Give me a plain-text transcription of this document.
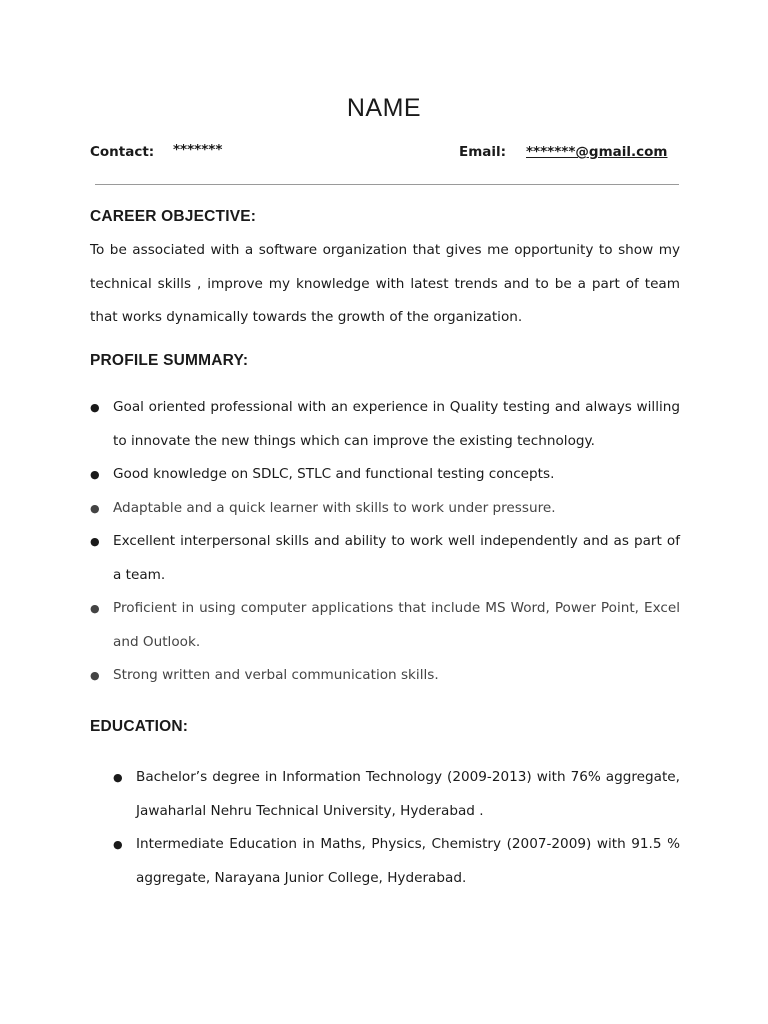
NAME
Contact: *******	Email: *******@gmail.com
CAREER OBJECTIVE:
To be associated with a software organization that gives me opportunity to show my technical skills , improve my knowledge with latest trends and to be a part of team that works dynamically towards the growth of the organization.
PROFILE SUMMARY:
● Goal oriented professional with an experience in Quality testing and always willing to innovate the new things which can improve the existing technology.
● Good knowledge on SDLC, STLC and functional testing concepts.
● Adaptable and a quick learner with skills to work under pressure.
● Excellent interpersonal skills and ability to work well independently and as part of a team.
● Proficient in using computer applications that include MS Word, Power Point, Excel and Outlook.
● Strong written and verbal communication skills.
EDUCATION:
● Bachelor’s degree in Information Technology (2009-2013) with 76% aggregate, Jawaharlal Nehru Technical University, Hyderabad .
● Intermediate Education in Maths, Physics, Chemistry (2007-2009) with 91.5 % aggregate, Narayana Junior College, Hyderabad.
